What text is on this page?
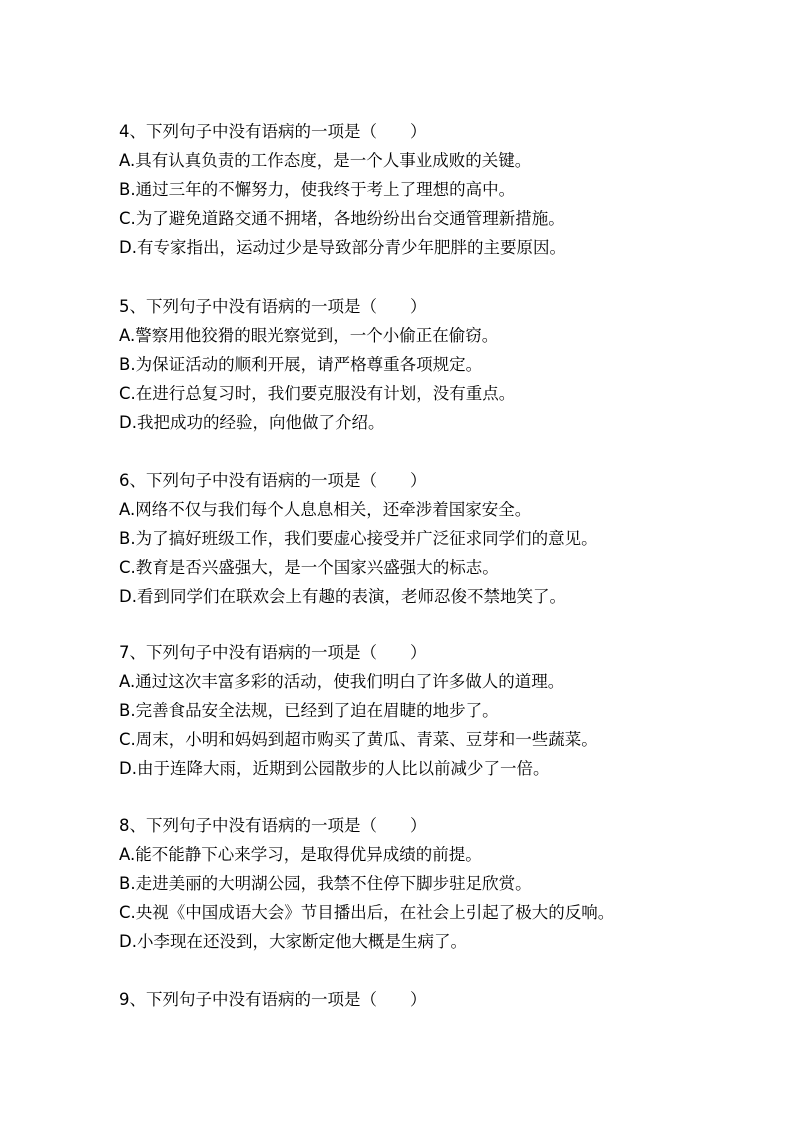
4、下列句子中没有语病的一项是（　　）
A.具有认真负责的工作态度，是一个人事业成败的关键。
B.通过三年的不懈努力，使我终于考上了理想的高中。
C.为了避免道路交通不拥堵，各地纷纷出台交通管理新措施。
D.有专家指出，运动过少是导致部分青少年肥胖的主要原因。
5、下列句子中没有语病的一项是（　　）
A.警察用他狡猾的眼光察觉到，一个小偷正在偷窃。
B.为保证活动的顺利开展，请严格尊重各项规定。
C.在进行总复习时，我们要克服没有计划，没有重点。
D.我把成功的经验，向他做了介绍。
6、下列句子中没有语病的一项是（　　）
A.网络不仅与我们每个人息息相关，还牵涉着国家安全。
B.为了搞好班级工作，我们要虚心接受并广泛征求同学们的意见。
C.教育是否兴盛强大，是一个国家兴盛强大的标志。
D.看到同学们在联欢会上有趣的表演，老师忍俊不禁地笑了。
7、下列句子中没有语病的一项是（　　）
A.通过这次丰富多彩的活动，使我们明白了许多做人的道理。
B.完善食品安全法规，已经到了迫在眉睫的地步了。
C.周末，小明和妈妈到超市购买了黄瓜、青菜、豆芽和一些蔬菜。
D.由于连降大雨，近期到公园散步的人比以前减少了一倍。
8、下列句子中没有语病的一项是（　　）
A.能不能静下心来学习，是取得优异成绩的前提。
B.走进美丽的大明湖公园，我禁不住停下脚步驻足欣赏。
C.央视《中国成语大会》节目播出后，在社会上引起了极大的反响。
D.小李现在还没到，大家断定他大概是生病了。
9、下列句子中没有语病的一项是（　　）
